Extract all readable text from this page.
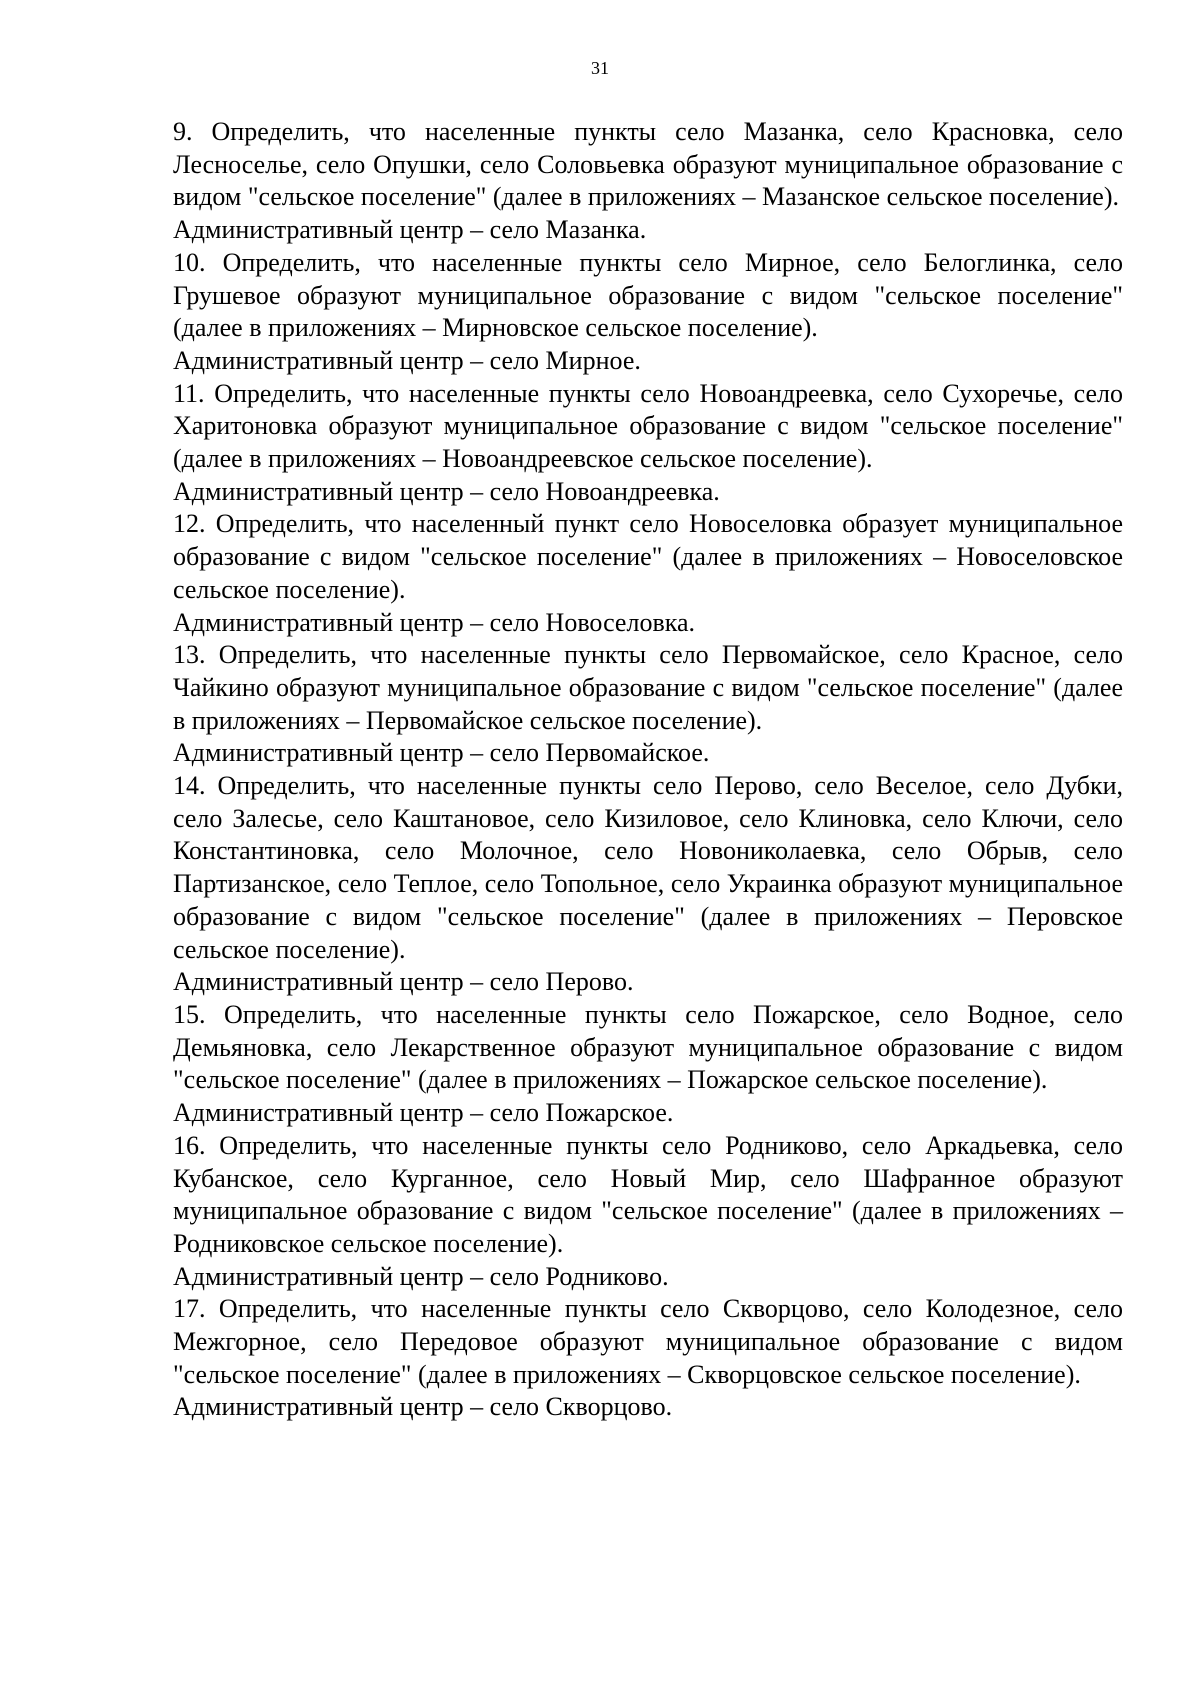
31

9. Определить, что населенные пункты село Мазанка, село Красновка, село Лесноселье, село Опушки, село Соловьевка образуют муниципальное образование с видом "сельское поселение" (далее в приложениях – Мазанское сельское поселение).

Административный центр – село Мазанка.

10. Определить, что населенные пункты село Мирное, село Белоглинка, село Грушевое образуют муниципальное образование с видом "сельское поселение" (далее в приложениях – Мирновское сельское поселение).

Административный центр – село Мирное.

11. Определить, что населенные пункты село Новоандреевка, село Сухоречье, село Харитоновка образуют муниципальное образование с видом "сельское поселение" (далее в приложениях – Новоандреевское сельское поселение).

Административный центр – село Новоандреевка.

12. Определить, что населенный пункт село Новоселовка образует муниципальное образование с видом "сельское поселение" (далее в приложениях – Новоселовское сельское поселение).

Административный центр – село Новоселовка.

13. Определить, что населенные пункты село Первомайское, село Красное, село Чайкино образуют муниципальное образование с видом "сельское поселение" (далее в приложениях – Первомайское сельское поселение).

Административный центр – село Первомайское.

14. Определить, что населенные пункты село Перово, село Веселое, село Дубки, село Залесье, село Каштановое, село Кизиловое, село Клиновка, село Ключи, село Константиновка, село Молочное, село Новониколаевка, село Обрыв, село Партизанское, село Теплое, село Топольное, село Украинка образуют муниципальное образование с видом "сельское поселение" (далее в приложениях – Перовское сельское поселение).

Административный центр – село Перово.

15. Определить, что населенные пункты село Пожарское, село Водное, село Демьяновка, село Лекарственное образуют муниципальное образование с видом "сельское поселение" (далее в приложениях – Пожарское сельское поселение).

Административный центр – село Пожарское.

16. Определить, что населенные пункты село Родниково, село Аркадьевка, село Кубанское, село Курганное, село Новый Мир, село Шафранное образуют муниципальное образование с видом "сельское поселение" (далее в приложениях – Родниковское сельское поселение).

Административный центр – село Родниково.

17. Определить, что населенные пункты село Скворцово, село Колодезное, село Межгорное, село Передовое образуют муниципальное образование с видом "сельское поселение" (далее в приложениях – Скворцовское сельское поселение).

Административный центр – село Скворцово.
